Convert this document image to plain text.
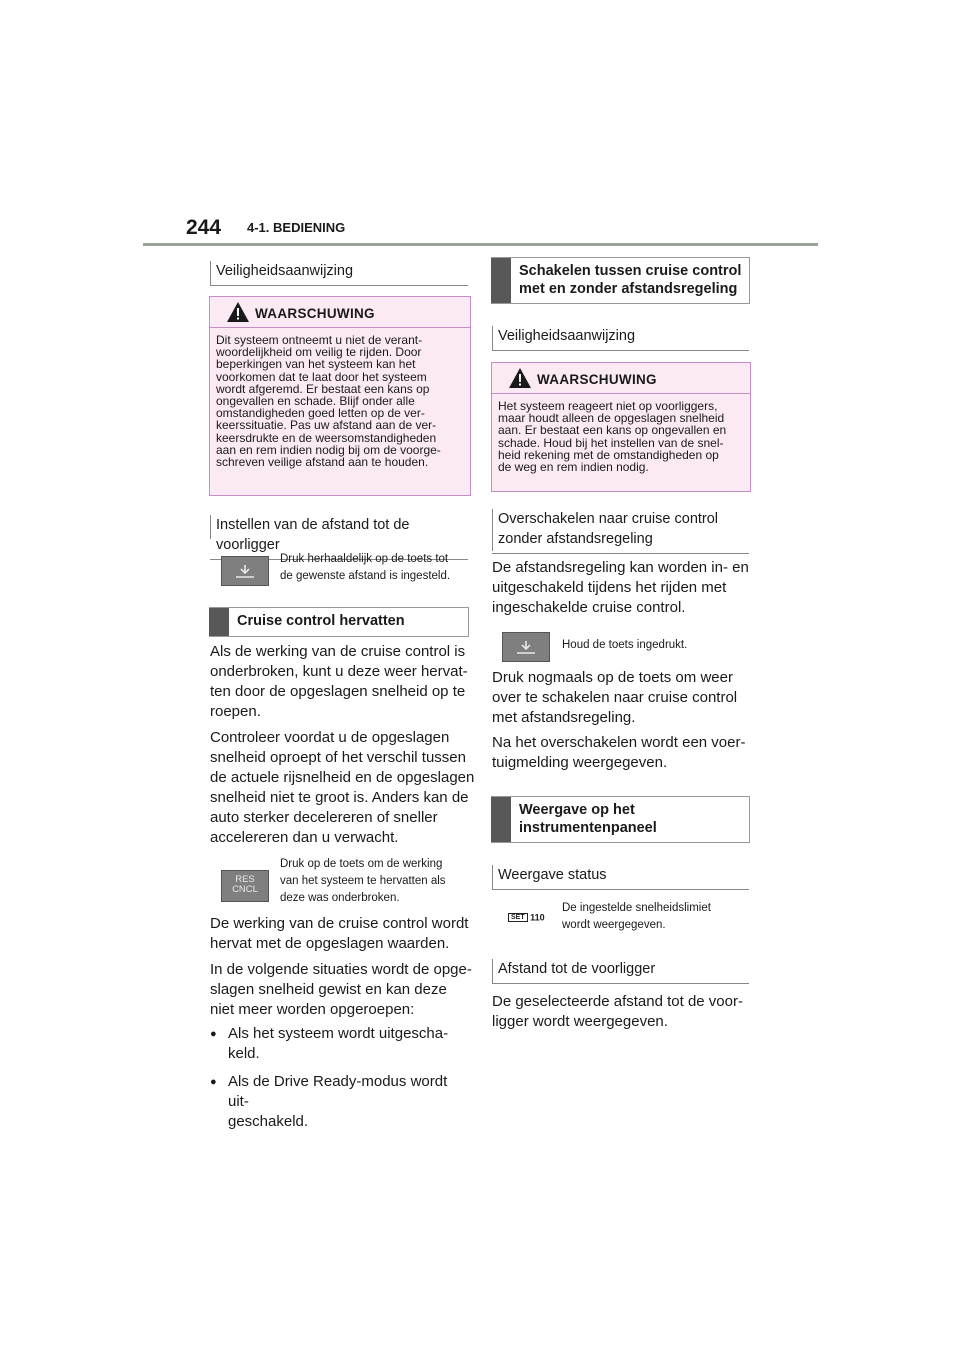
244 4-1. BEDIENING
Veiligheidsaanwijzing
WAARSCHUWING
Dit systeem ontneemt u niet de verant-
woordelijkheid om veilig te rijden. Door
beperkingen van het systeem kan het
voorkomen dat te laat door het systeem
wordt afgeremd. Er bestaat een kans op
ongevallen en schade. Blijf onder alle
omstandigheden goed letten op de ver-
keerssituatie. Pas uw afstand aan de ver-
keersdrukte en de weersomstandigheden
aan en rem indien nodig bij om de voorge-
schreven veilige afstand aan te houden.
Instellen van de afstand tot de voorligger
Druk herhaaldelijk op de toets tot
de gewenste afstand is ingesteld.
Cruise control hervatten
Als de werking van de cruise control is
onderbroken, kunt u deze weer hervat-
ten door de opgeslagen snelheid op te
roepen.
Controleer voordat u de opgeslagen
snelheid oproept of het verschil tussen
de actuele rijsnelheid en de opgeslagen
snelheid niet te groot is. Anders kan de
auto sterker decelereren of sneller
accelereren dan u verwacht.
RES
CNCL
Druk op de toets om de werking
van het systeem te hervatten als
deze was onderbroken.
De werking van de cruise control wordt
hervat met de opgeslagen waarden.
In de volgende situaties wordt de opge-
slagen snelheid gewist en kan deze
niet meer worden opgeroepen:
● Als het systeem wordt uitgescha-
keld.
● Als de Drive Ready-modus wordt uit-
geschakeld.
Schakelen tussen cruise control
met en zonder afstandsregeling
Veiligheidsaanwijzing
WAARSCHUWING
Het systeem reageert niet op voorliggers,
maar houdt alleen de opgeslagen snelheid
aan. Er bestaat een kans op ongevallen en
schade. Houd bij het instellen van de snel-
heid rekening met de omstandigheden op
de weg en rem indien nodig.
Overschakelen naar cruise control
zonder afstandsregeling
De afstandsregeling kan worden in- en
uitgeschakeld tijdens het rijden met
ingeschakelde cruise control.
Houd de toets ingedrukt.
Druk nogmaals op de toets om weer
over te schakelen naar cruise control
met afstandsregeling.
Na het overschakelen wordt een voer-
tuigmelding weergegeven.
Weergave op het
instrumentenpaneel
Weergave status
SET 110
De ingestelde snelheidslimiet
wordt weergegeven.
Afstand tot de voorligger
De geselecteerde afstand tot de voor-
ligger wordt weergegeven.
